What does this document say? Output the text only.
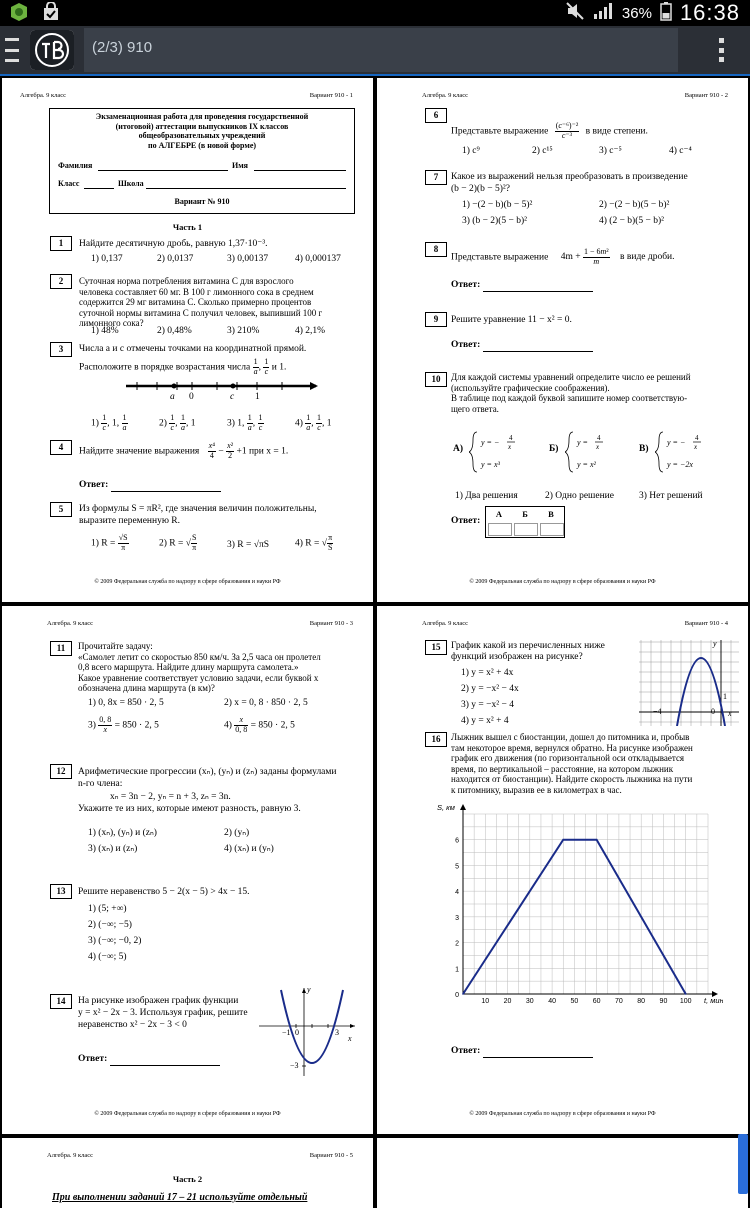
36% 16:38
(2/3) 910
Алгебра. 9 класс	Вариант 910 - 1
Экзаменационная работа для проведения государственной
(итоговой) аттестации выпускников IX классов
общеобразовательных учреждений
по АЛГЕБРЕ (в новой форме)
Фамилия	Имя
Класс	Школа
Вариант № 910
Часть 1
1	Найдите десятичную дробь, равную 1,37·10⁻³.
1) 0,137	2) 0,0137	3) 0,00137	4) 0,000137
2	Суточная норма потребления витамина С для взрослого
человека составляет 60 мг. В 100 г лимонного сока в среднем
содержится 29 мг витамина С. Сколько примерно процентов
суточной нормы витамина С получил человек, выпивший 100 г
лимонного сока?
1) 48%	2) 0,48%	3) 210%	4) 2,1%
3	Числа a и c отмечены точками на координатной прямой.
Расположите в порядке возрастания числа $\frac{1}{a}$ , $\frac{1}{c}$ и 1.
a 0	c 1
$1) \frac{1}{c}$ , 1, $\frac{1}{a}$	$2) \frac{1}{c}$ , $\frac{1}{a}$ , 1	3) 1, $\frac{1}{a}$ , $\frac{1}{c}$	$4) \frac{1}{a}$ , $\frac{1}{c}$ , 1
4	Найдите значение выражения $\frac{\text{x⁴}}{4} - \frac{\text{x²}}{2} +1$ при x = 1.
Ответ:
5	Из формулы S = πR², где значения величин положительны,
выразите переменную R.
1) $R = \frac{√S}{\pi}$	2) R = √ $\frac{S}{\pi}$	3) R = √πS	4) R = √ $\frac{\pi}{S}$
© 2009 Федеральная служба по надзору в сфере образования и науки РФ
Алгебра. 9 класс	Вариант 910 - 2
6
Представьте выражение $\frac{\text{(c⁻⁶)⁻²}}{\text{c⁻³}}$ в виде степени.
1) c⁹	2) c¹⁵	3) c⁻⁵	4) c⁻⁴
7	Какое из выражений нельзя преобразовать в произведение
(b − 2)(b − 5)²?
1) −(2 − b)(b − 5)²	2) −(2 − b)(5 − b)²
3) (b − 2)(5 − b)²	4) (2 − b)(5 − b)²
8
Представьте выражение $4m + \frac{\text{1 − 6m²}}{m}$ в виде дроби.
Ответ:
9	Решите уравнение 11 − x² = 0.
Ответ:
10	Для каждой системы уравнений определите число ее решений
(используйте графические соображения).
В таблице под каждой буквой запишите номер соответствую-
щего ответа.
А)
y = − 4
x
y = x³
Б)
y = 4
x
y = x²
В)
y = − 4
x
y = −2x
1) Два решения	2) Одно решение	3) Нет решений
Ответ:
А	Б	В
© 2009 Федеральная служба по надзору в сфере образования и науки РФ
Алгебра. 9 класс	Вариант 910 - 3
11	Прочитайте задачу:
«Самолет летит со скоростью 850 км/ч. За 2,5 часа он пролетел
0,8 всего маршрута. Найдите длину маршрута самолета.»
Какое уравнение соответствует условию задачи, если буквой x
обозначена длина маршрута (в км)?
1) 0, 8x = 850 · 2, 5	2) x = 0, 8 · 850 · 2, 5
$3) \frac{0, 8}{x} = 850 \cdot 2$, 5	$4) \frac{x}{0, 8} = 850 \cdot 2$, 5
12	Арифметические прогрессии (xₙ), (yₙ) и (zₙ) заданы формулами
n-го члена:
xₙ = 3n − 2, yₙ = n + 3, zₙ = 3n.
Укажите те из них, которые имеют разность, равную 3.
1) (xₙ), (yₙ) и (zₙ)	2) (yₙ)
3) (xₙ) и (zₙ)	4) (xₙ) и (yₙ)
13	Решите неравенство 5 − 2(x − 5) > 4x − 15.
1) (5; +∞)
2) (−∞; −5)
3) (−∞; −0, 2)
4) (−∞; 5)
14	На рисунке изображен график функции
y = x² − 2x − 3. Используя график, решите
неравенство x² − 2x − 3 < 0
Ответ:
y
−1 0	3
x
−3
© 2009 Федеральная служба по надзору в сфере образования и науки РФ
Алгебра. 9 класс	Вариант 910 - 4
15	График какой из перечисленных ниже
функций изображен на рисунке?
1) y = x² + 4x
2) y = −x² − 4x
3) y = −x² − 4
4) y = x² + 4
y
1
−4	0 x
16	Лыжник вышел с биостанции, дошел до питомника и, пробыв
там некоторое время, вернулся обратно. На рисунке изображен
график его движения (по горизонтальной оси откладывается
время, по вертикальной – расстояние, на котором лыжник
находится от биостанции). Найдите скорость лыжника на пути
к питомнику, выразив ее в километрах в час.
10 20 30 40 50 60 70 80 90 100
0
1
2
3
4
5
6
S, км
t, мин
Ответ:
© 2009 Федеральная служба по надзору в сфере образования и науки РФ
Алгебра. 9 класс	Вариант 910 - 5
Часть 2
При выполнении заданий 17 – 21 используйте отдельный
